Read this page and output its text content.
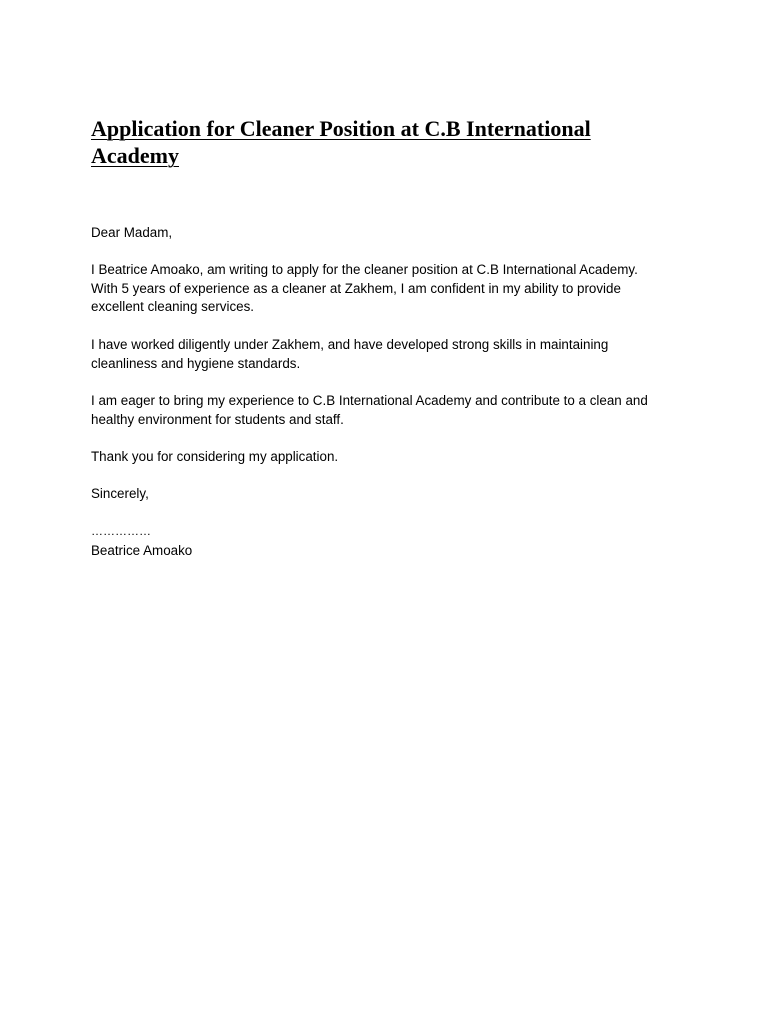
Application for Cleaner Position at C.B International
Academy

Dear Madam,

I Beatrice Amoako, am writing to apply for the cleaner position at C.B International Academy.
With 5 years of experience as a cleaner at Zakhem, I am confident in my ability to provide
excellent cleaning services.

I have worked diligently under Zakhem, and have developed strong skills in maintaining
cleanliness and hygiene standards.

I am eager to bring my experience to C.B International Academy and contribute to a clean and
healthy environment for students and staff.

Thank you for considering my application.

Sincerely,

……………

Beatrice Amoako
